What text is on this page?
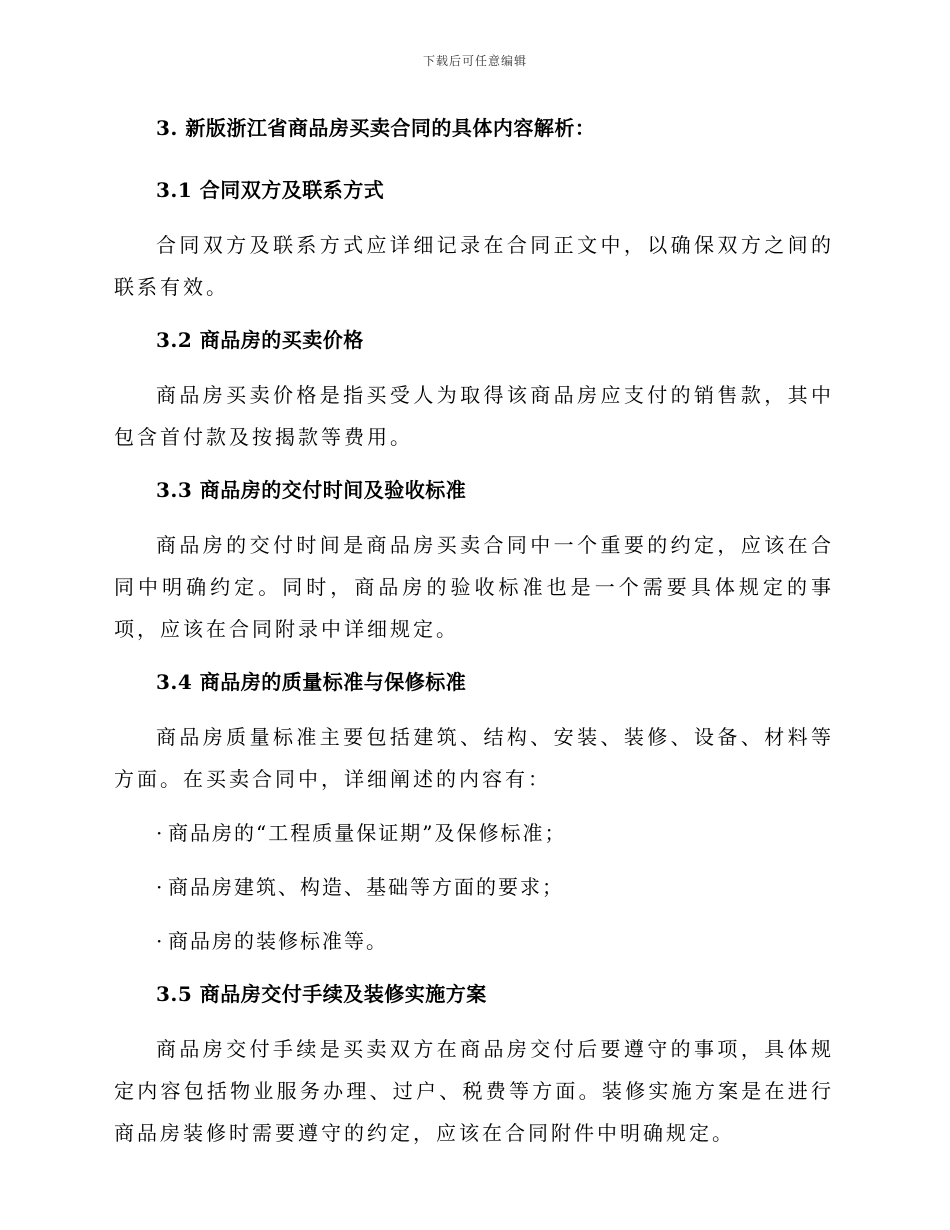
下载后可任意编辑
3. 新版浙江省商品房买卖合同的具体内容解析：
3.1 合同双方及联系方式

合同双方及联系方式应详细记录在合同正文中，以确保双方之间的联系有效。

3.2 商品房的买卖价格

商品房买卖价格是指买受人为取得该商品房应支付的销售款，其中包含首付款及按揭款等费用。

3.3 商品房的交付时间及验收标准

商品房的交付时间是商品房买卖合同中一个重要的约定，应该在合同中明确约定。同时，商品房的验收标准也是一个需要具体规定的事项，应该在合同附录中详细规定。

3.4 商品房的质量标准与保修标准

商品房质量标准主要包括建筑、结构、安装、装修、设备、材料等方面。在买卖合同中，详细阐述的内容有：

· 商品房的“工程质量保证期”及保修标准；
· 商品房建筑、构造、基础等方面的要求；
· 商品房的装修标准等。
3.5 商品房交付手续及装修实施方案

商品房交付手续是买卖双方在商品房交付后要遵守的事项，具体规定内容包括物业服务办理、过户、税费等方面。装修实施方案是在进行商品房装修时需要遵守的约定，应该在合同附件中明确规定。
